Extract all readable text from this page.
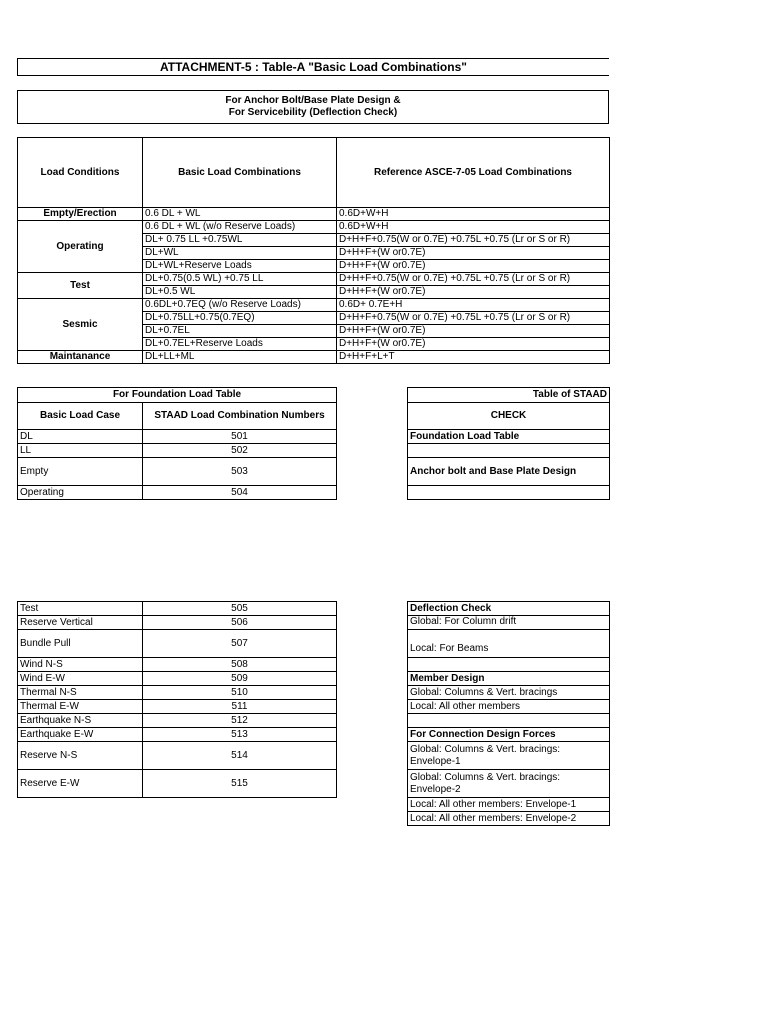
ATTACHMENT-5 : Table-A "Basic Load Combinations"
For Anchor Bolt/Base Plate Design &
For Servicebility (Deflection Check)
Load Conditions	Basic Load Combinations	Reference ASCE-7-05 Load Combinations
Empty/Erection	0.6 DL + WL	0.6D+W+H
Operating	0.6 DL + WL (w/o Reserve Loads)	0.6D+W+H
	DL+ 0.75 LL +0.75WL	D+H+F+0.75(W or 0.7E) +0.75L +0.75 (Lr or S or R)
	DL+WL	D+H+F+(W or0.7E)
	DL+WL+Reserve Loads	D+H+F+(W or0.7E)
Test	DL+0.75(0.5 WL) +0.75 LL	D+H+F+0.75(W or 0.7E) +0.75L +0.75 (Lr or S or R)
	DL+0.5 WL	D+H+F+(W or0.7E)
Sesmic	0.6DL+0.7EQ (w/o Reserve Loads)	0.6D+ 0.7E+H
	DL+0.75LL+0.75(0.7EQ)	D+H+F+0.75(W or 0.7E) +0.75L +0.75 (Lr or S or R)
	DL+0.7EL	D+H+F+(W or0.7E)
	DL+0.7EL+Reserve Loads	D+H+F+(W or0.7E)
Maintanance	DL+LL+ML	D+H+F+L+T
For Foundation Load Table	
Basic Load Case	STAAD Load Combination Numbers
DL	501
LL	502
Empty	503
Operating	504
Table of STAAD
CHECK
Foundation Load Table

Anchor bolt and Base Plate Design

Test	505
Reserve Vertical	506
Bundle Pull	507
Wind N-S	508
Wind E-W	509
Thermal N-S	510
Thermal E-W	511
Earthquake N-S	512
Earthquake E-W	513
Reserve N-S	514
Reserve E-W	515
Deflection Check
Global: For Column drift
Local: For Beams

Member Design
Global: Columns & Vert. bracings
Local: All other members

For Connection Design Forces
Global: Columns & Vert. bracings: Envelope-1
Global: Columns & Vert. bracings: Envelope-2
Local: All other members: Envelope-1
Local: All other members: Envelope-2
